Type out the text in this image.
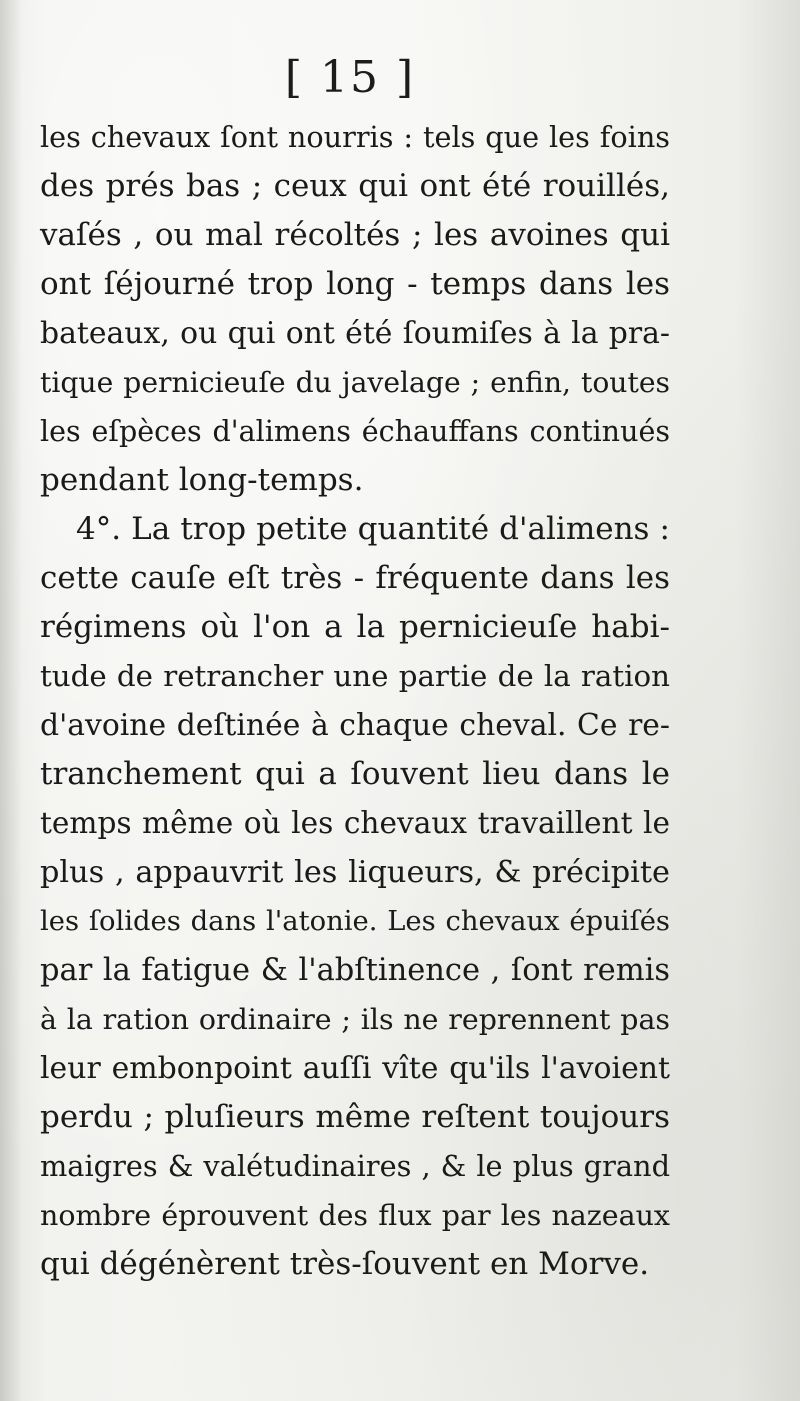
[ 15 ]
les chevaux ſont nourris : tels que les foins
des prés bas ; ceux qui ont été rouillés,
vaſés , ou mal récoltés ; les avoines qui
ont ſéjourné trop long - temps dans les
bateaux, ou qui ont été ſoumiſes à la pra-
tique pernicieuſe du javelage ; enfin, toutes
les eſpèces d'alimens échauffans continués
pendant long-temps.
4°. La trop petite quantité d'alimens :
cette cauſe eſt très - fréquente dans les
régimens où l'on a la pernicieuſe habi-
tude de retrancher une partie de la ration
d'avoine deſtinée à chaque cheval. Ce re-
tranchement qui a ſouvent lieu dans le
temps même où les chevaux travaillent le
plus , appauvrit les liqueurs, & précipite
les ſolides dans l'atonie. Les chevaux épuiſés
par la fatigue & l'abſtinence , ſont remis
à la ration ordinaire ; ils ne reprennent pas
leur embonpoint auſſi vîte qu'ils l'avoient
perdu ; pluſieurs même reſtent toujours
maigres & valétudinaires , & le plus grand
nombre éprouvent des flux par les nazeaux
qui dégénèrent très-ſouvent en Morve.
